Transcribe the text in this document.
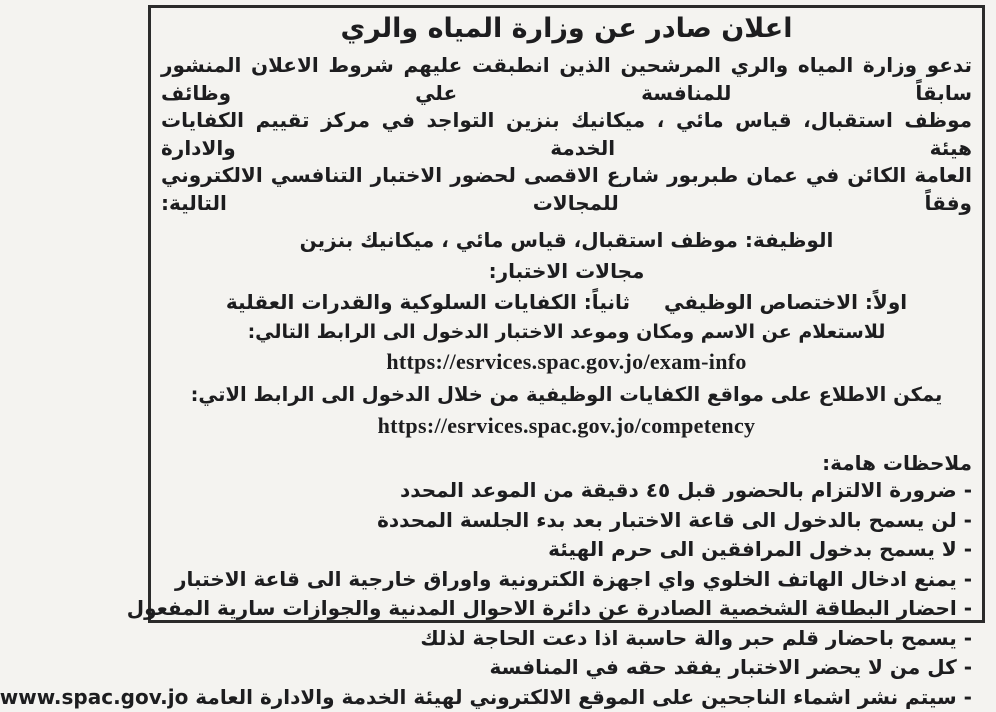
اعلان صادر عن وزارة المياه والري
تدعو وزارة المياه والري المرشحين الذين انطبقت عليهم شروط الاعلان المنشور سابقاً للمنافسة علي وظائف
موظف استقبال، قياس مائي ، ميكانيك بنزين التواجد في مركز تقييم الكفايات هيئة الخدمة والادارة
العامة الكائن في عمان طبربور شارع الاقصى لحضور الاختبار التنافسي الالكتروني وفقاً للمجالات التالية:
الوظيفة: موظف استقبال، قياس مائي ، ميكانيك بنزين
مجالات الاختبار:
اولاً: الاختصاص الوظيفيثانياً: الكفايات السلوكية والقدرات العقلية
للاستعلام عن الاسم ومكان وموعد الاختبار الدخول الى الرابط التالي:
https://esrvices.spac.gov.jo/exam-info
يمكن الاطلاع على مواقع الكفايات الوظيفية من خلال الدخول الى الرابط الاتي:
https://esrvices.spac.gov.jo/competency
ملاحظات هامة:
- ضرورة الالتزام بالحضور قبل ٤٥ دقيقة من الموعد المحدد
- لن يسمح بالدخول الى قاعة الاختبار بعد بدء الجلسة المحددة
- لا يسمح بدخول المرافقين الى حرم الهيئة
- يمنع ادخال الهاتف الخلوي واي اجهزة الكترونية واوراق خارجية الى قاعة الاختبار
- احضار البطاقة الشخصية الصادرة عن دائرة الاحوال المدنية والجوازات سارية المفعول
- يسمح باحضار قلم حبر والة حاسبة اذا دعت الحاجة لذلك
- كل من لا يحضر الاختبار يفقد حقه في المنافسة
- سيتم نشر اشماء الناجحين على الموقع الالكتروني لهيئة الخدمة والادارة العامة www.spac.gov.jo
